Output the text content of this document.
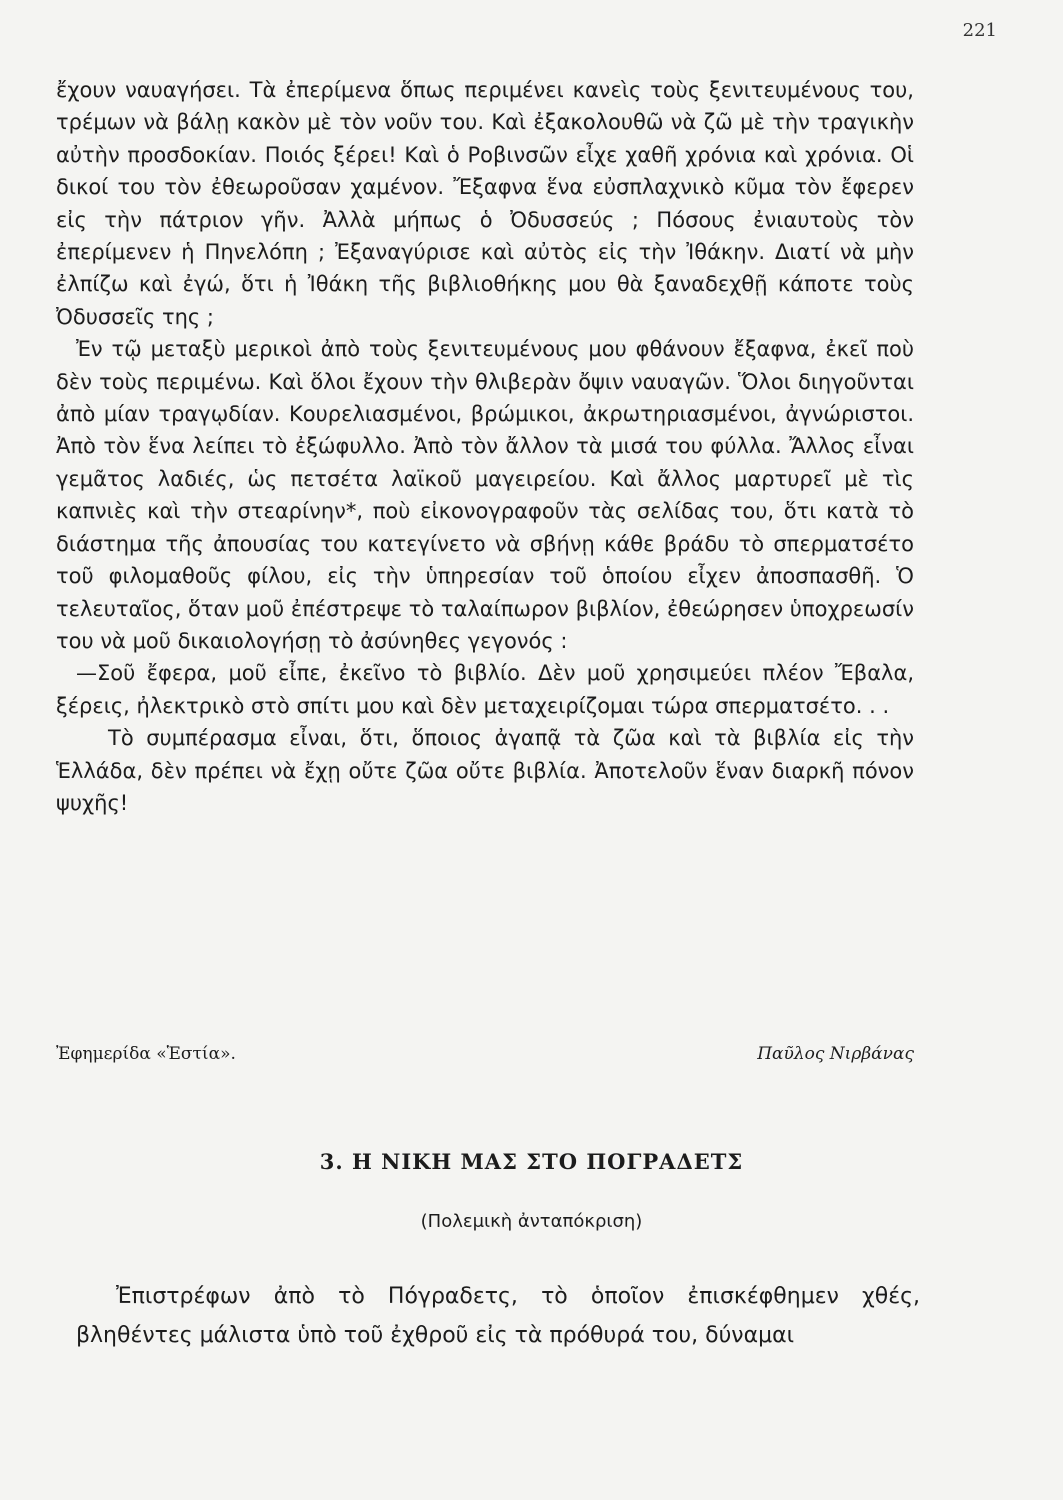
221

ἔχουν ναυαγήσει. Τὰ ἐπερίμενα ὅπως περιμένει κανεὶς τοὺς ξενιτευμένους του, τρέμων νὰ βάλῃ κακὸν μὲ τὸν νοῦν του. Καὶ ἐξακολουθῶ νὰ ζῶ μὲ τὴν τραγικὴν αὐτὴν προσδοκίαν. Ποιός ξέρει! Καὶ ὁ Ροβινσῶν εἶχε χαθῆ χρόνια καὶ χρόνια. Οἱ δικοί του τὸν ἐθεωροῦσαν χαμένον. Ἔξαφνα ἕνα εὐσπλαχνικὸ κῦμα τὸν ἔφερεν εἰς τὴν πάτριον γῆν. Ἀλλὰ μήπως ὁ Ὀδυσσεύς ; Πόσους ἐνιαυτοὺς τὸν ἐπερίμενεν ἡ Πηνελόπη ; Ἐξαναγύρισε καὶ αὐτὸς εἰς τὴν Ἰθάκην. Διατί νὰ μὴν ἐλπίζω καὶ ἐγώ, ὅτι ἡ Ἰθάκη τῆς βιβλιοθήκης μου θὰ ξαναδεχθῇ κάποτε τοὺς Ὀδυσσεῖς της ;

Ἐν τῷ μεταξὺ μερικοὶ ἀπὸ τοὺς ξενιτευμένους μου φθάνουν ἔξαφνα, ἐκεῖ ποὺ δὲν τοὺς περιμένω. Καὶ ὅλοι ἔχουν τὴν θλιβερὰν ὄψιν ναυαγῶν. Ὅλοι διηγοῦνται ἀπὸ μίαν τραγῳδίαν. Κουρελιασμένοι, βρώμικοι, ἀκρωτηριασμένοι, ἀγνώριστοι. Ἀπὸ τὸν ἕνα λείπει τὸ ἐξώφυλλο. Ἀπὸ τὸν ἄλλον τὰ μισά του φύλλα. Ἄλλος εἶναι γεμᾶτος λαδιές, ὡς πετσέτα λαϊκοῦ μαγειρείου. Καὶ ἄλλος μαρτυρεῖ μὲ τὶς καπνιὲς καὶ τὴν στεαρίνην*, ποὺ εἰκονογραφοῦν τὰς σελίδας του, ὅτι κατὰ τὸ διάστημα τῆς ἀπουσίας του κατεγίνετο νὰ σβήνῃ κάθε βράδυ τὸ σπερματσέτο τοῦ φιλομαθοῦς φίλου, εἰς τὴν ὑπηρεσίαν τοῦ ὁποίου εἶχεν ἀποσπασθῆ. Ὁ τελευταῖος, ὅταν μοῦ ἐπέστρεψε τὸ ταλαίπωρον βιβλίον, ἐθεώρησεν ὑποχρεωσίν του νὰ μοῦ δικαιολογήσῃ τὸ ἀσύνηθες γεγονός :

—Σοῦ ἔφερα, μοῦ εἶπε, ἐκεῖνο τὸ βιβλίο. Δὲν μοῦ χρησιμεύει πλέον Ἔβαλα, ξέρεις, ἠλεκτρικὸ στὸ σπίτι μου καὶ δὲν μεταχειρίζομαι τώρα σπερματσέτο. . .

Τὸ συμπέρασμα εἶναι, ὅτι, ὅποιος ἀγαπᾷ τὰ ζῶα καὶ τὰ βιβλία εἰς τὴν Ἑλλάδα, δὲν πρέπει νὰ ἔχῃ οὔτε ζῶα οὔτε βιβλία. Ἀποτελοῦν ἕναν διαρκῆ πόνον ψυχῆς!

Ἐφημερίδα «Ἑστία».	Παῦλος Νιρβάνας
3. Η ΝΙΚΗ ΜΑΣ ΣΤΟ ΠΟΓΡΑΔΕΤΣ
(Πολεμικὴ ἀνταπόκριση)

Ἐπιστρέφων ἀπὸ τὸ Πόγραδετς, τὸ ὁποῖον ἐπισκέφθημεν χθές, βληθέντες μάλιστα ὑπὸ τοῦ ἐχθροῦ εἰς τὰ πρόθυρά του, δύναμαι
